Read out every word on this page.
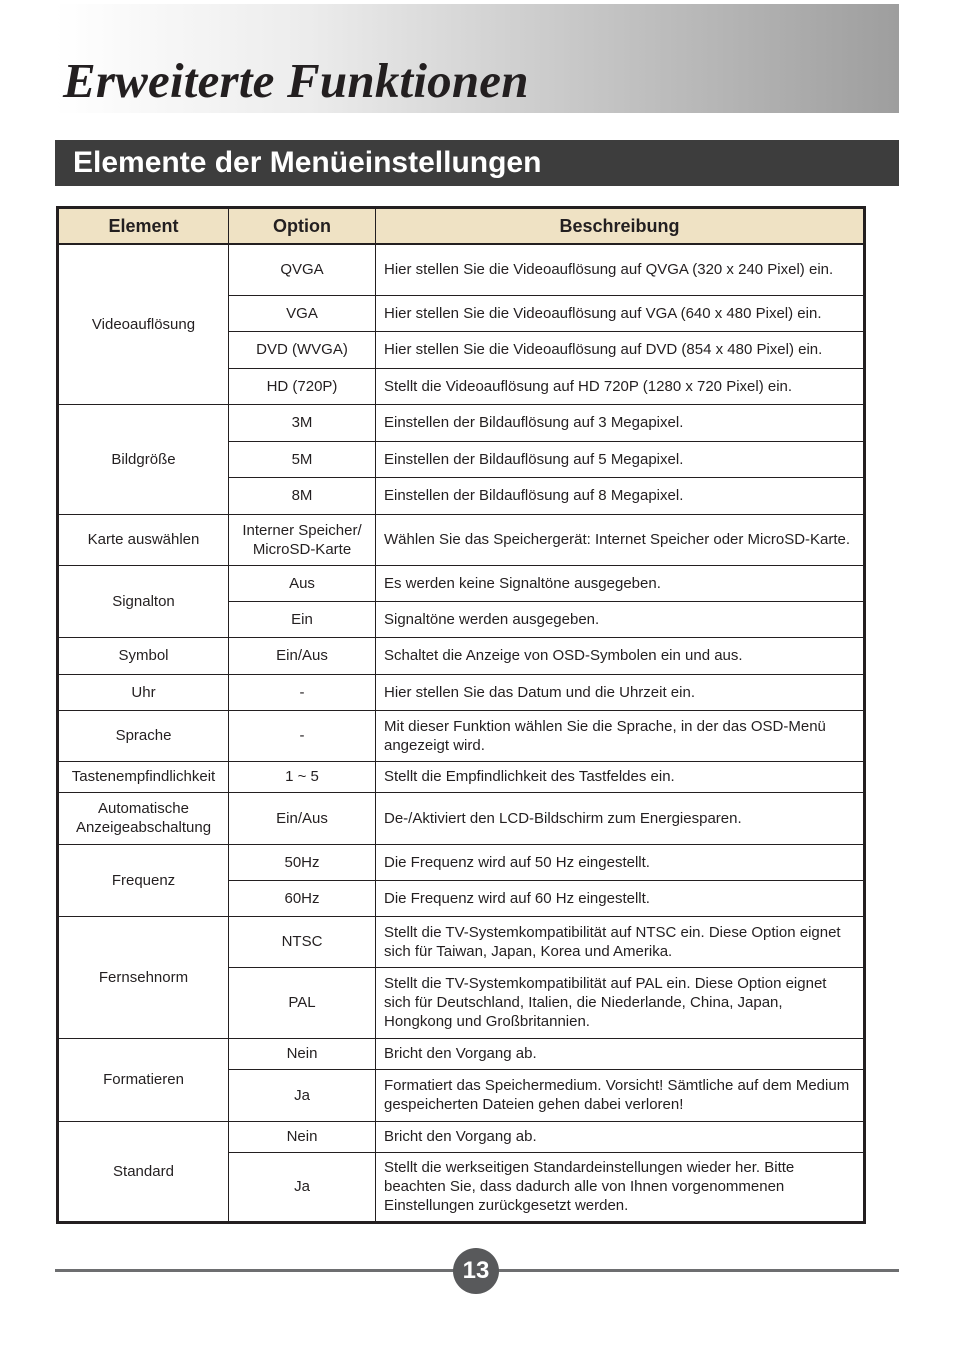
Erweiterte Funktionen
Elemente der Menüeinstellungen
Element	Option	Beschreibung
Videoauflösung	QVGA	Hier stellen Sie die Videoauflösung auf QVGA (320 x 240 Pixel) ein.
	VGA	Hier stellen Sie die Videoauflösung auf VGA (640 x 480 Pixel) ein.
	DVD (WVGA)	Hier stellen Sie die Videoauflösung auf DVD (854 x 480 Pixel) ein.
	HD (720P)	Stellt die Videoauflösung auf HD 720P (1280 x 720 Pixel) ein.
Bildgröße	3M	Einstellen der Bildauflösung auf 3 Megapixel.
	5M	Einstellen der Bildauflösung auf 5 Megapixel.
	8M	Einstellen der Bildauflösung auf 8 Megapixel.
Karte auswählen	Interner Speicher/ MicroSD-Karte	Wählen Sie das Speichergerät: Internet Speicher oder MicroSD-Karte.
Signalton	Aus	Es werden keine Signaltöne ausgegeben.
	Ein	Signaltöne werden ausgegeben.
Symbol	Ein/Aus	Schaltet die Anzeige von OSD-Symbolen ein und aus.
Uhr	-	Hier stellen Sie das Datum und die Uhrzeit ein.
Sprache	-	Mit dieser Funktion wählen Sie die Sprache, in der das OSD-Menü angezeigt wird.
Tastenempfindlichkeit	1 ~ 5	Stellt die Empfindlichkeit des Tastfeldes ein.
Automatische Anzeigeabschaltung	Ein/Aus	De-/Aktiviert den LCD-Bildschirm zum Energiesparen.
Frequenz	50Hz	Die Frequenz wird auf 50 Hz eingestellt.
	60Hz	Die Frequenz wird auf 60 Hz eingestellt.
Fernsehnorm	NTSC	Stellt die TV-Systemkompatibilität auf NTSC ein. Diese Option eignet sich für Taiwan, Japan, Korea und Amerika.
	PAL	Stellt die TV-Systemkompatibilität auf PAL ein. Diese Option eignet sich für Deutschland, Italien, die Niederlande, China, Japan, Hongkong und Großbritannien.
Formatieren	Nein	Bricht den Vorgang ab.
	Ja	Formatiert das Speichermedium. Vorsicht! Sämtliche auf dem Medium gespeicherten Dateien gehen dabei verloren!
Standard	Nein	Bricht den Vorgang ab.
	Ja	Stellt die werkseitigen Standardeinstellungen wieder her. Bitte beachten Sie, dass dadurch alle von Ihnen vorgenommenen Einstellungen zurückgesetzt werden.
13
